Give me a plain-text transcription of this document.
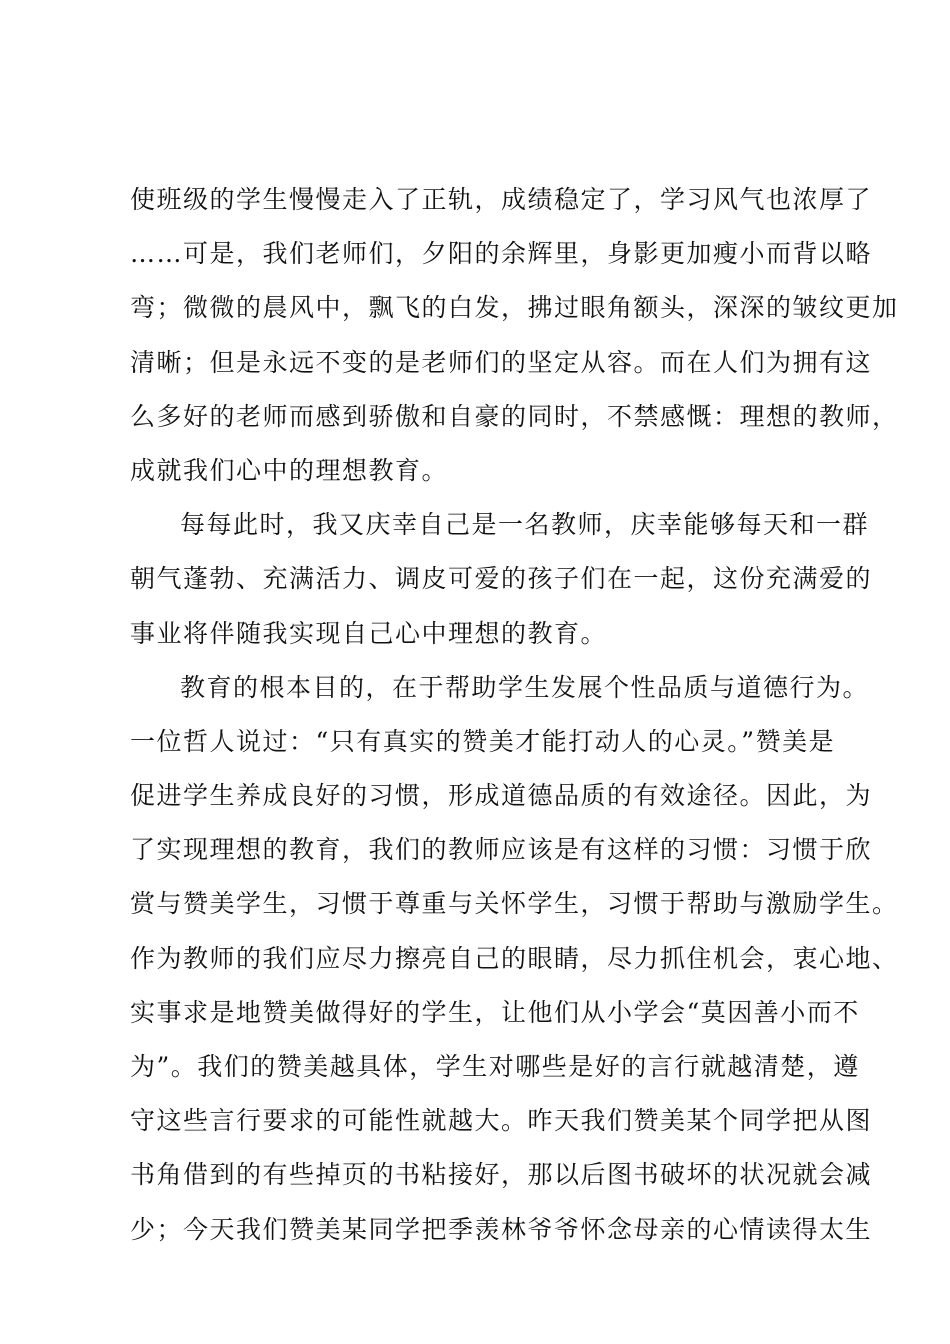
使班级的学生慢慢走入了正轨，成绩稳定了，学习风气也浓厚了
……可是，我们老师们，夕阳的余辉里，身影更加瘦小而背以略
弯；微微的晨风中，飘飞的白发，拂过眼角额头，深深的皱纹更加
清晰；但是永远不变的是老师们的坚定从容。而在人们为拥有这
么多好的老师而感到骄傲和自豪的同时，不禁感慨：理想的教师，
成就我们心中的理想教育。
每每此时，我又庆幸自己是一名教师，庆幸能够每天和一群
朝气蓬勃、充满活力、调皮可爱的孩子们在一起，这份充满爱的
事业将伴随我实现自己心中理想的教育。
教育的根本目的，在于帮助学生发展个性品质与道德行为。
一位哲人说过：“只有真实的赞美才能打动人的心灵。”赞美是
促进学生养成良好的习惯，形成道德品质的有效途径。因此，为
了实现理想的教育，我们的教师应该是有这样的习惯：习惯于欣
赏与赞美学生，习惯于尊重与关怀学生，习惯于帮助与激励学生。
作为教师的我们应尽力擦亮自己的眼睛，尽力抓住机会，衷心地、
实事求是地赞美做得好的学生，让他们从小学会“莫因善小而不
为”。我们的赞美越具体，学生对哪些是好的言行就越清楚，遵
守这些言行要求的可能性就越大。昨天我们赞美某个同学把从图
书角借到的有些掉页的书粘接好，那以后图书破坏的状况就会减
少；今天我们赞美某同学把季羡林爷爷怀念母亲的心情读得太生
